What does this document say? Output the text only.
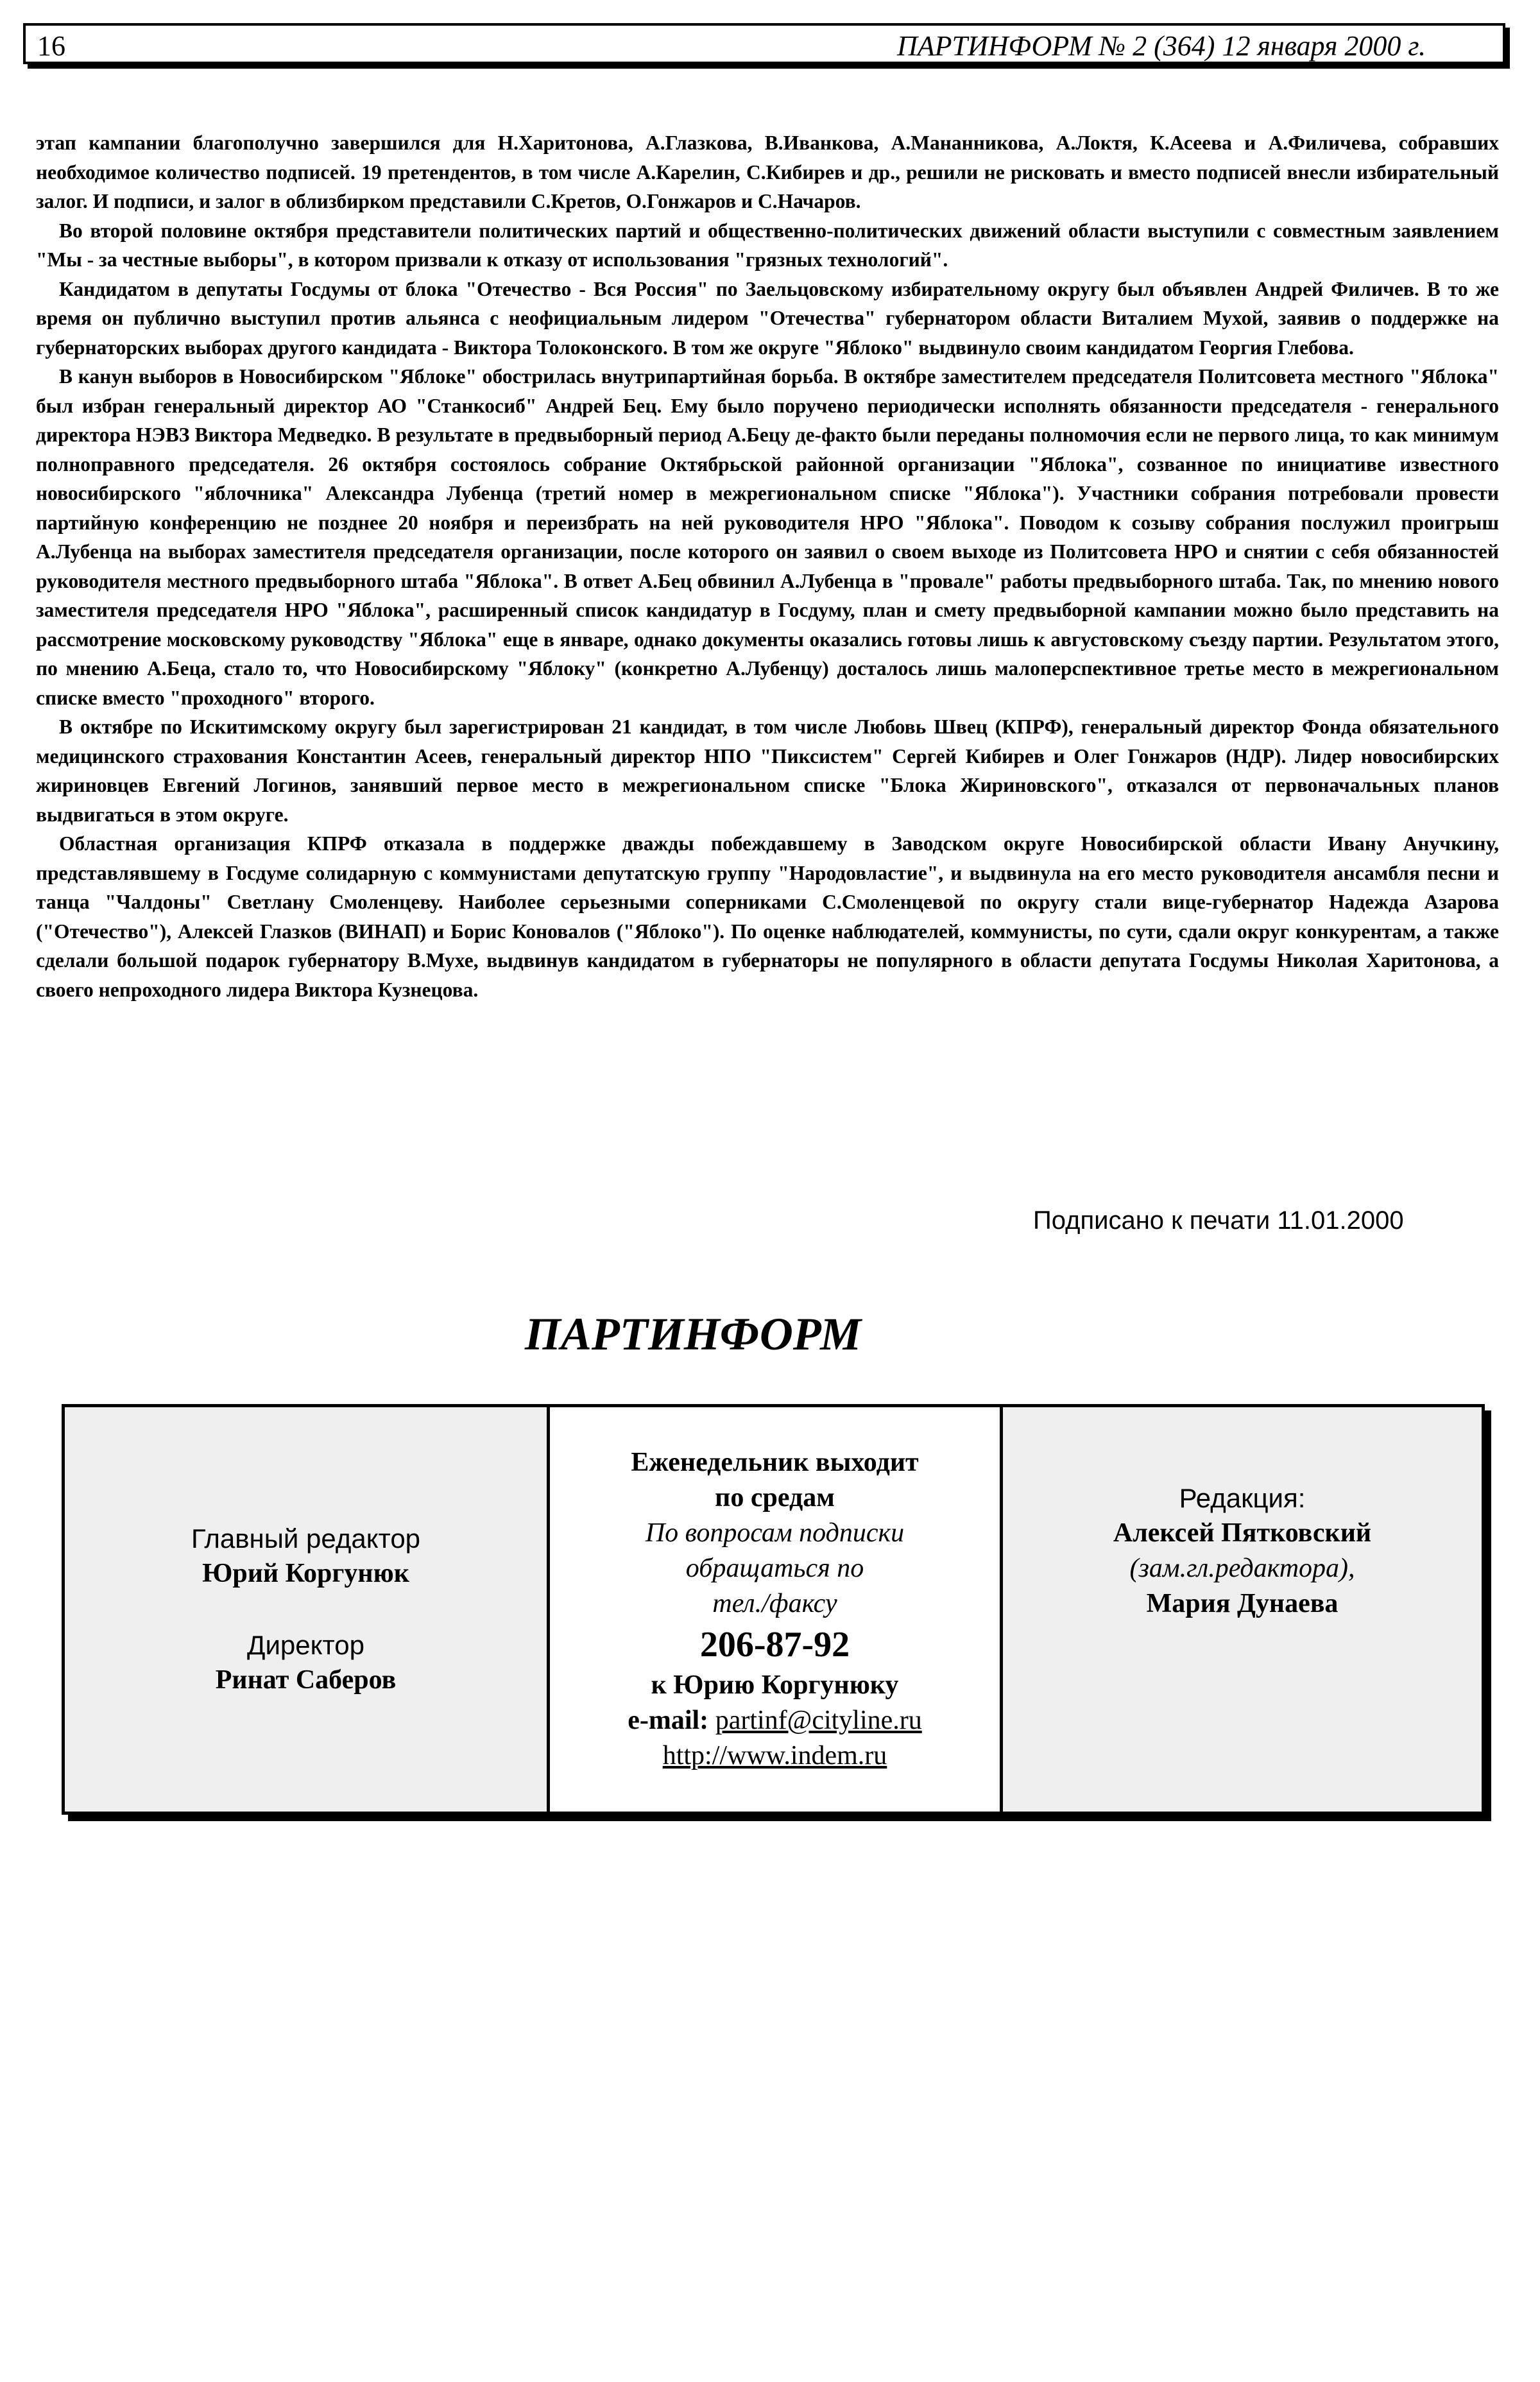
16	ПАРТИНФОРМ № 2 (364) 12 января 2000 г.

этап кампании благополучно завершился для Н.Харитонова, А.Глазкова, В.Иванкова, А.Мананникова, А.Локтя, К.Асеева и А.Филичева, собравших необходимое количество подписей. 19 претендентов, в том числе А.Карелин, С.Кибирев и др., решили не рисковать и вместо подписей внесли избирательный залог. И подписи, и залог в облизбирком представили С.Кретов, О.Гонжаров и С.Начаров.

Во второй половине октября представители политических партий и общественно-политических движений области выступили с совместным заявлением "Мы - за честные выборы", в котором призвали к отказу от использования "грязных технологий".

Кандидатом в депутаты Госдумы от блока "Отечество - Вся Россия" по Заельцовскому избирательному округу был объявлен Андрей Филичев. В то же время он публично выступил против альянса с неофициальным лидером "Отечества" губернатором области Виталием Мухой, заявив о поддержке на губернаторских выборах другого кандидата - Виктора Толоконского. В том же округе "Яблоко" выдвинуло своим кандидатом Георгия Глебова.

В канун выборов в Новосибирском "Яблоке" обострилась внутрипартийная борьба. В октябре заместителем председателя Политсовета местного "Яблока" был избран генеральный директор АО "Станкосиб" Андрей Бец. Ему было поручено периодически исполнять обязанности председателя - генерального директора НЭВЗ Виктора Медведко. В результате в предвыборный период А.Бецу де-факто были переданы полномочия если не первого лица, то как минимум полноправного председателя. 26 октября состоялось собрание Октябрьской районной организации "Яблока", созванное по инициативе известного новосибирского "яблочника" Александра Лубенца (третий номер в межрегиональном списке "Яблока"). Участники собрания потребовали провести партийную конференцию не позднее 20 ноября и переизбрать на ней руководителя НРО "Яблока". Поводом к созыву собрания послужил проигрыш А.Лубенца на выборах заместителя председателя организации, после которого он заявил о своем выходе из Политсовета НРО и снятии с себя обязанностей руководителя местного предвыборного штаба "Яблока". В ответ А.Бец обвинил А.Лубенца в "провале" работы предвыборного штаба. Так, по мнению нового заместителя председателя НРО "Яблока", расширенный список кандидатур в Госдуму, план и смету предвыборной кампании можно было представить на рассмотрение московскому руководству "Яблока" еще в январе, однако документы оказались готовы лишь к августовскому съезду партии. Результатом этого, по мнению А.Беца, стало то, что Новосибирскому "Яблоку" (конкретно А.Лубенцу) досталось лишь малоперспективное третье место в межрегиональном списке вместо "проходного" второго.

В октябре по Искитимскому округу был зарегистрирован 21 кандидат, в том числе Любовь Швец (КПРФ), генеральный директор Фонда обязательного медицинского страхования Константин Асеев, генеральный директор НПО "Пиксистем" Сергей Кибирев и Олег Гонжаров (НДР). Лидер новосибирских жириновцев Евгений Логинов, занявший первое место в межрегиональном списке "Блока Жириновского", отказался от первоначальных планов выдвигаться в этом округе.

Областная организация КПРФ отказала в поддержке дважды побеждавшему в Заводском округе Новосибирской области Ивану Анучкину, представлявшему в Госдуме солидарную с коммунистами депутатскую группу "Народовластие", и выдвинула на его место руководителя ансамбля песни и танца "Чалдоны" Светлану Смоленцеву. Наиболее серьезными соперниками С.Смоленцевой по округу стали вице-губернатор Надежда Азарова ("Отечество"), Алексей Глазков (ВИНАП) и Борис Коновалов ("Яблоко"). По оценке наблюдателей, коммунисты, по сути, сдали округ конкурентам, а также сделали большой подарок губернатору В.Мухе, выдвинув кандидатом в губернаторы не популярного в области депутата Госдумы Николая Харитонова, а своего непроходного лидера Виктора Кузнецова.

Подписано к печати 11.01.2000
ПАРТИНФОРМ
Главный редактор
Юрий Коргунюк
Директор
Ринат Саберов
Еженедельник выходит
по средам
По вопросам подписки
обращаться по
тел./факсу
206-87-92
к Юрию Коргунюку
e-mail: partinf@cityline.ru
http://www.indem.ru
Редакция:
Алексей Пятковский
(зам.гл.редактора),
Мария Дунаева
